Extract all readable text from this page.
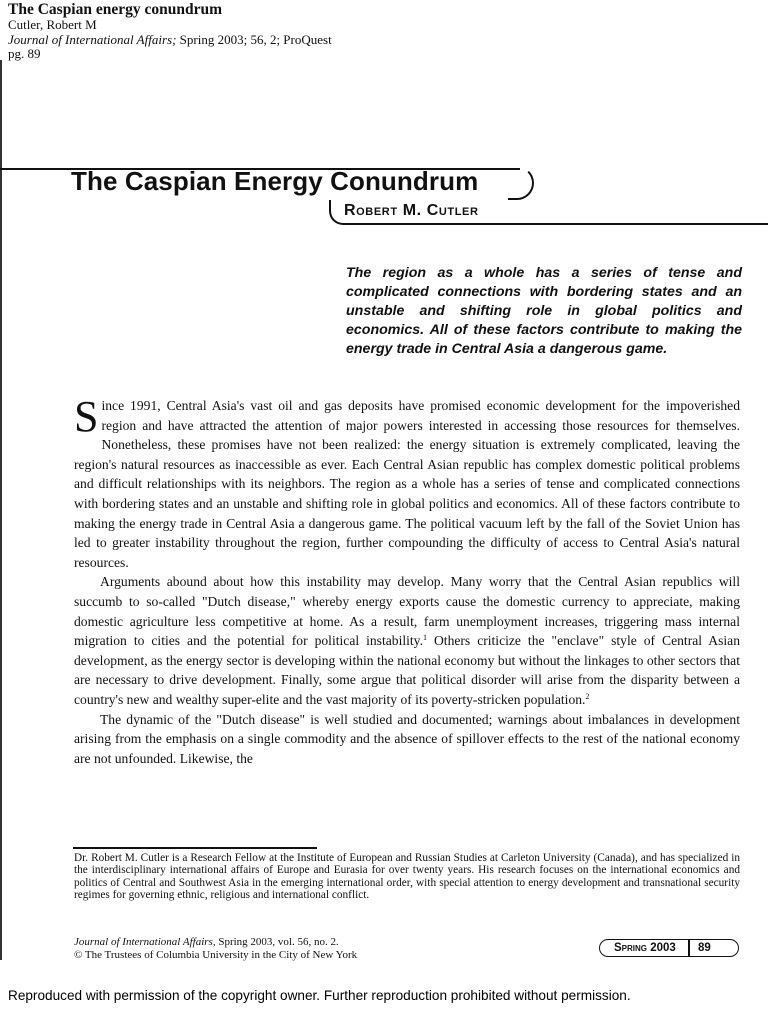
The Caspian energy conundrum
Cutler, Robert M
Journal of International Affairs; Spring 2003; 56, 2; ProQuest
pg. 89
The Caspian Energy Conundrum
Robert M. Cutler
The region as a whole has a series of tense and complicated connections with bordering states and an unstable and shifting role in global politics and economics. All of these factors contribute to making the energy trade in Central Asia a dangerous game.

Since 1991, Central Asia's vast oil and gas deposits have promised economic development for the impoverished region and have attracted the attention of major powers interested in accessing those resources for themselves. Nonetheless, these promises have not been realized: the energy situation is extremely complicated, leaving the region's natural resources as inaccessible as ever. Each Central Asian republic has complex domestic political problems and difficult relationships with its neighbors. The region as a whole has a series of tense and complicated connections with bordering states and an unstable and shifting role in global politics and economics. All of these factors contribute to making the energy trade in Central Asia a dangerous game. The political vacuum left by the fall of the Soviet Union has led to greater instability throughout the region, further compounding the difficulty of access to Central Asia's natural resources.

Arguments abound about how this instability may develop. Many worry that the Central Asian republics will succumb to so-called "Dutch disease," whereby energy exports cause the domestic currency to appreciate, making domestic agriculture less competitive at home. As a result, farm unemployment increases, triggering mass internal migration to cities and the potential for political instability.$^1$ Others criticize the "enclave" style of Central Asian development, as the energy sector is developing within the national economy but without the linkages to other sectors that are necessary to drive development. Finally, some argue that political disorder will arise from the disparity between a country's new and wealthy super-elite and the vast majority of its poverty-stricken population.$^2$

The dynamic of the "Dutch disease" is well studied and documented; warnings about imbalances in development arising from the emphasis on a single commodity and the absence of spillover effects to the rest of the national economy are not unfounded. Likewise, the

Dr. Robert M. Cutler is a Research Fellow at the Institute of European and Russian Studies at Carleton University (Canada), and has specialized in the interdisciplinary international affairs of Europe and Eurasia for over twenty years. His research focuses on the international economics and politics of Central and Southwest Asia in the emerging international order, with special attention to energy development and transnational security regimes for governing ethnic, religious and international conflict.
Journal of International Affairs, Spring 2003, vol. 56, no. 2.
© The Trustees of Columbia University in the City of New York
Spring 2003	89
Reproduced with permission of the copyright owner. Further reproduction prohibited without permission.
